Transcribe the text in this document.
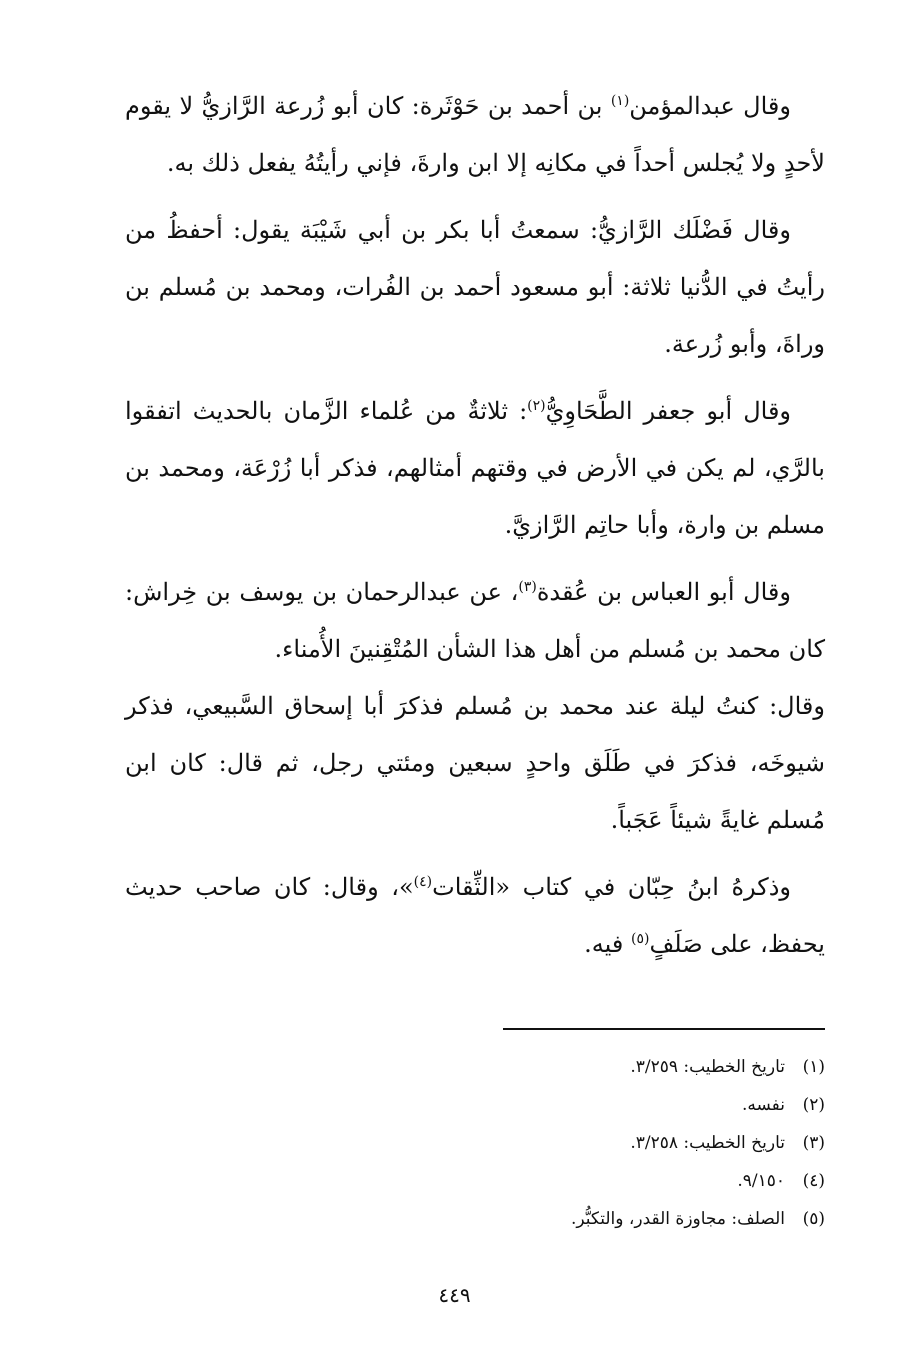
وقال عبدالمؤمن$^{(١)}$ بن أحمد بن حَوْثَرة: كان أبو زُرعة الرَّازيُّ لا يقوم لأحدٍ ولا يُجلس أحداً في مكانِه إلا ابن وارةَ، فإني رأيتُهُ يفعل ذلك به.

وقال فَضْلَك الرَّازيُّ: سمعتُ أبا بكر بن أبي شَيْبَة يقول: أحفظُ من رأيتُ في الدُّنيا ثلاثة: أبو مسعود أحمد بن الفُرات، ومحمد بن مُسلم بن وراةَ، وأبو زُرعة.

وقال أبو جعفر الطَّحَاوِيُّ$^{(٢)}$: ثلاثةٌ من عُلماء الزَّمان بالحديث اتفقوا بالرَّي، لم يكن في الأرض في وقتهم أمثالهم، فذكر أبا زُرْعَة، ومحمد بن مسلم بن وارة، وأبا حاتِم الرَّازيَّ.

وقال أبو العباس بن عُقدة$^{(٣)}$، عن عبدالرحمان بن يوسف بن خِراش: كان محمد بن مُسلم من أهل هذا الشأن المُتْقِنينَ الأُمناء.

وقال: كنتُ ليلة عند محمد بن مُسلم فذكرَ أبا إسحاق السَّبيعي، فذكر شيوخَه، فذكرَ في طَلَق واحدٍ سبعين ومئتي رجل، ثم قال: كان ابن مُسلم غايةً شيئاً عَجَباً.

وذكرهُ ابنُ حِبّان في كتاب «الثِّقات$^{(٤)}$»، وقال: كان صاحب حديث يحفظ، على صَلَفٍ$^{(٥)}$ فيه.

(١)
تاريخ الخطيب: ٣/٢٥٩.
(٢)
نفسه.
(٣)
تاريخ الخطيب: ٣/٢٥٨.
(٤)
٩/١٥٠.
(٥)
الصلف: مجاوزة القدر، والتكبُّر.
٤٤٩
